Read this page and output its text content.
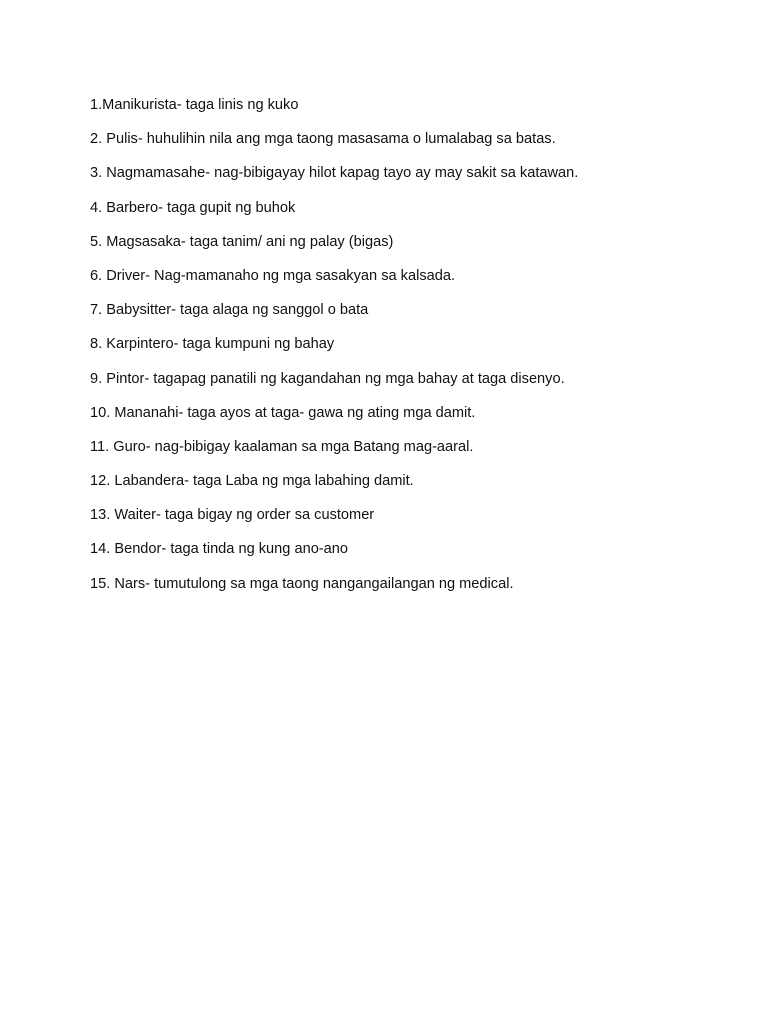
1.Manikurista- taga linis ng kuko
2. Pulis- huhulihin nila ang mga taong masasama o lumalabag sa batas.
3. Nagmamasahe- nag-bibigayay hilot kapag tayo ay may sakit sa katawan.
4. Barbero- taga gupit ng buhok
5. Magsasaka- taga tanim/ ani ng palay (bigas)
6. Driver- Nag-mamanaho ng mga sasakyan sa kalsada.
7. Babysitter- taga alaga ng sanggol o bata
8. Karpintero- taga kumpuni ng bahay
9. Pintor- tagapag panatili ng kagandahan ng mga bahay at taga disenyo.
10. Mananahi- taga ayos at taga- gawa ng ating mga damit.
11. Guro- nag-bibigay kaalaman sa mga Batang mag-aaral.
12. Labandera- taga Laba ng mga labahing damit.
13. Waiter- taga bigay ng order sa customer
14. Bendor- taga tinda ng kung ano-ano
15. Nars- tumutulong sa mga taong nangangailangan ng medical.
